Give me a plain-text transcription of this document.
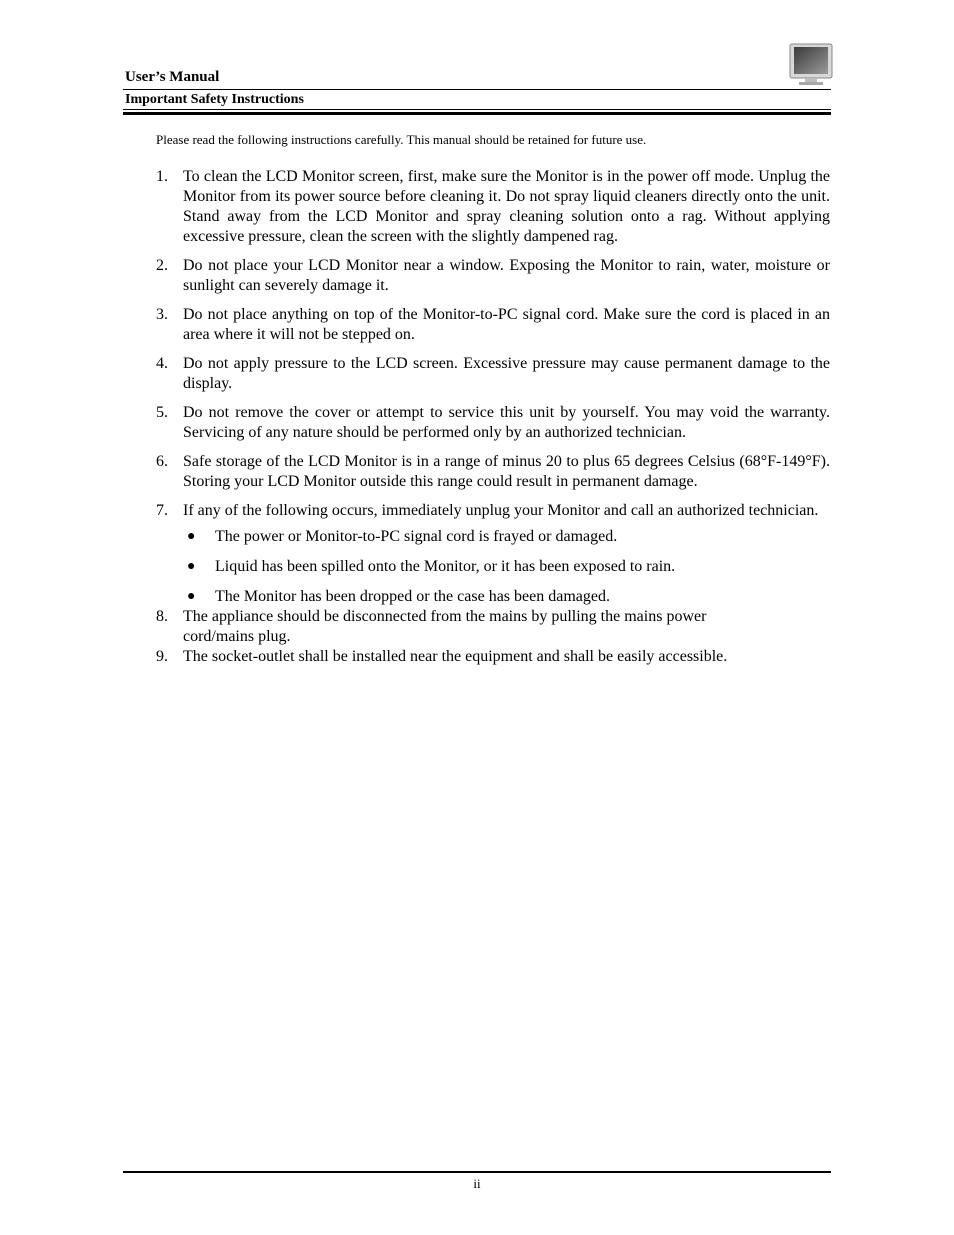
User’s Manual
Important Safety Instructions
Please read the following instructions carefully. This manual should be retained for future use.
1. To clean the LCD Monitor screen, first, make sure the Monitor is in the power off mode. Unplug the Monitor from its power source before cleaning it. Do not spray liquid cleaners directly onto the unit. Stand away from the LCD Monitor and spray cleaning solution onto a rag. Without applying excessive pressure, clean the screen with the slightly dampened rag.
2. Do not place your LCD Monitor near a window. Exposing the Monitor to rain, water, moisture or sunlight can severely damage it.
3. Do not place anything on top of the Monitor-to-PC signal cord. Make sure the cord is placed in an area where it will not be stepped on.
4. Do not apply pressure to the LCD screen. Excessive pressure may cause permanent damage to the display.
5. Do not remove the cover or attempt to service this unit by yourself. You may void the warranty. Servicing of any nature should be performed only by an authorized technician.
6. Safe storage of the LCD Monitor is in a range of minus 20 to plus 65 degrees Celsius (68°F-149°F). Storing your LCD Monitor outside this range could result in permanent damage.
7. If any of the following occurs, immediately unplug your Monitor and call an authorized technician.
●	The power or Monitor-to-PC signal cord is frayed or damaged.
●	Liquid has been spilled onto the Monitor, or it has been exposed to rain.
●	The Monitor has been dropped or the case has been damaged.
8. The appliance should be disconnected from the mains by pulling the mains power cord/mains plug.
9. The socket-outlet shall be installed near the equipment and shall be easily accessible.
ii
